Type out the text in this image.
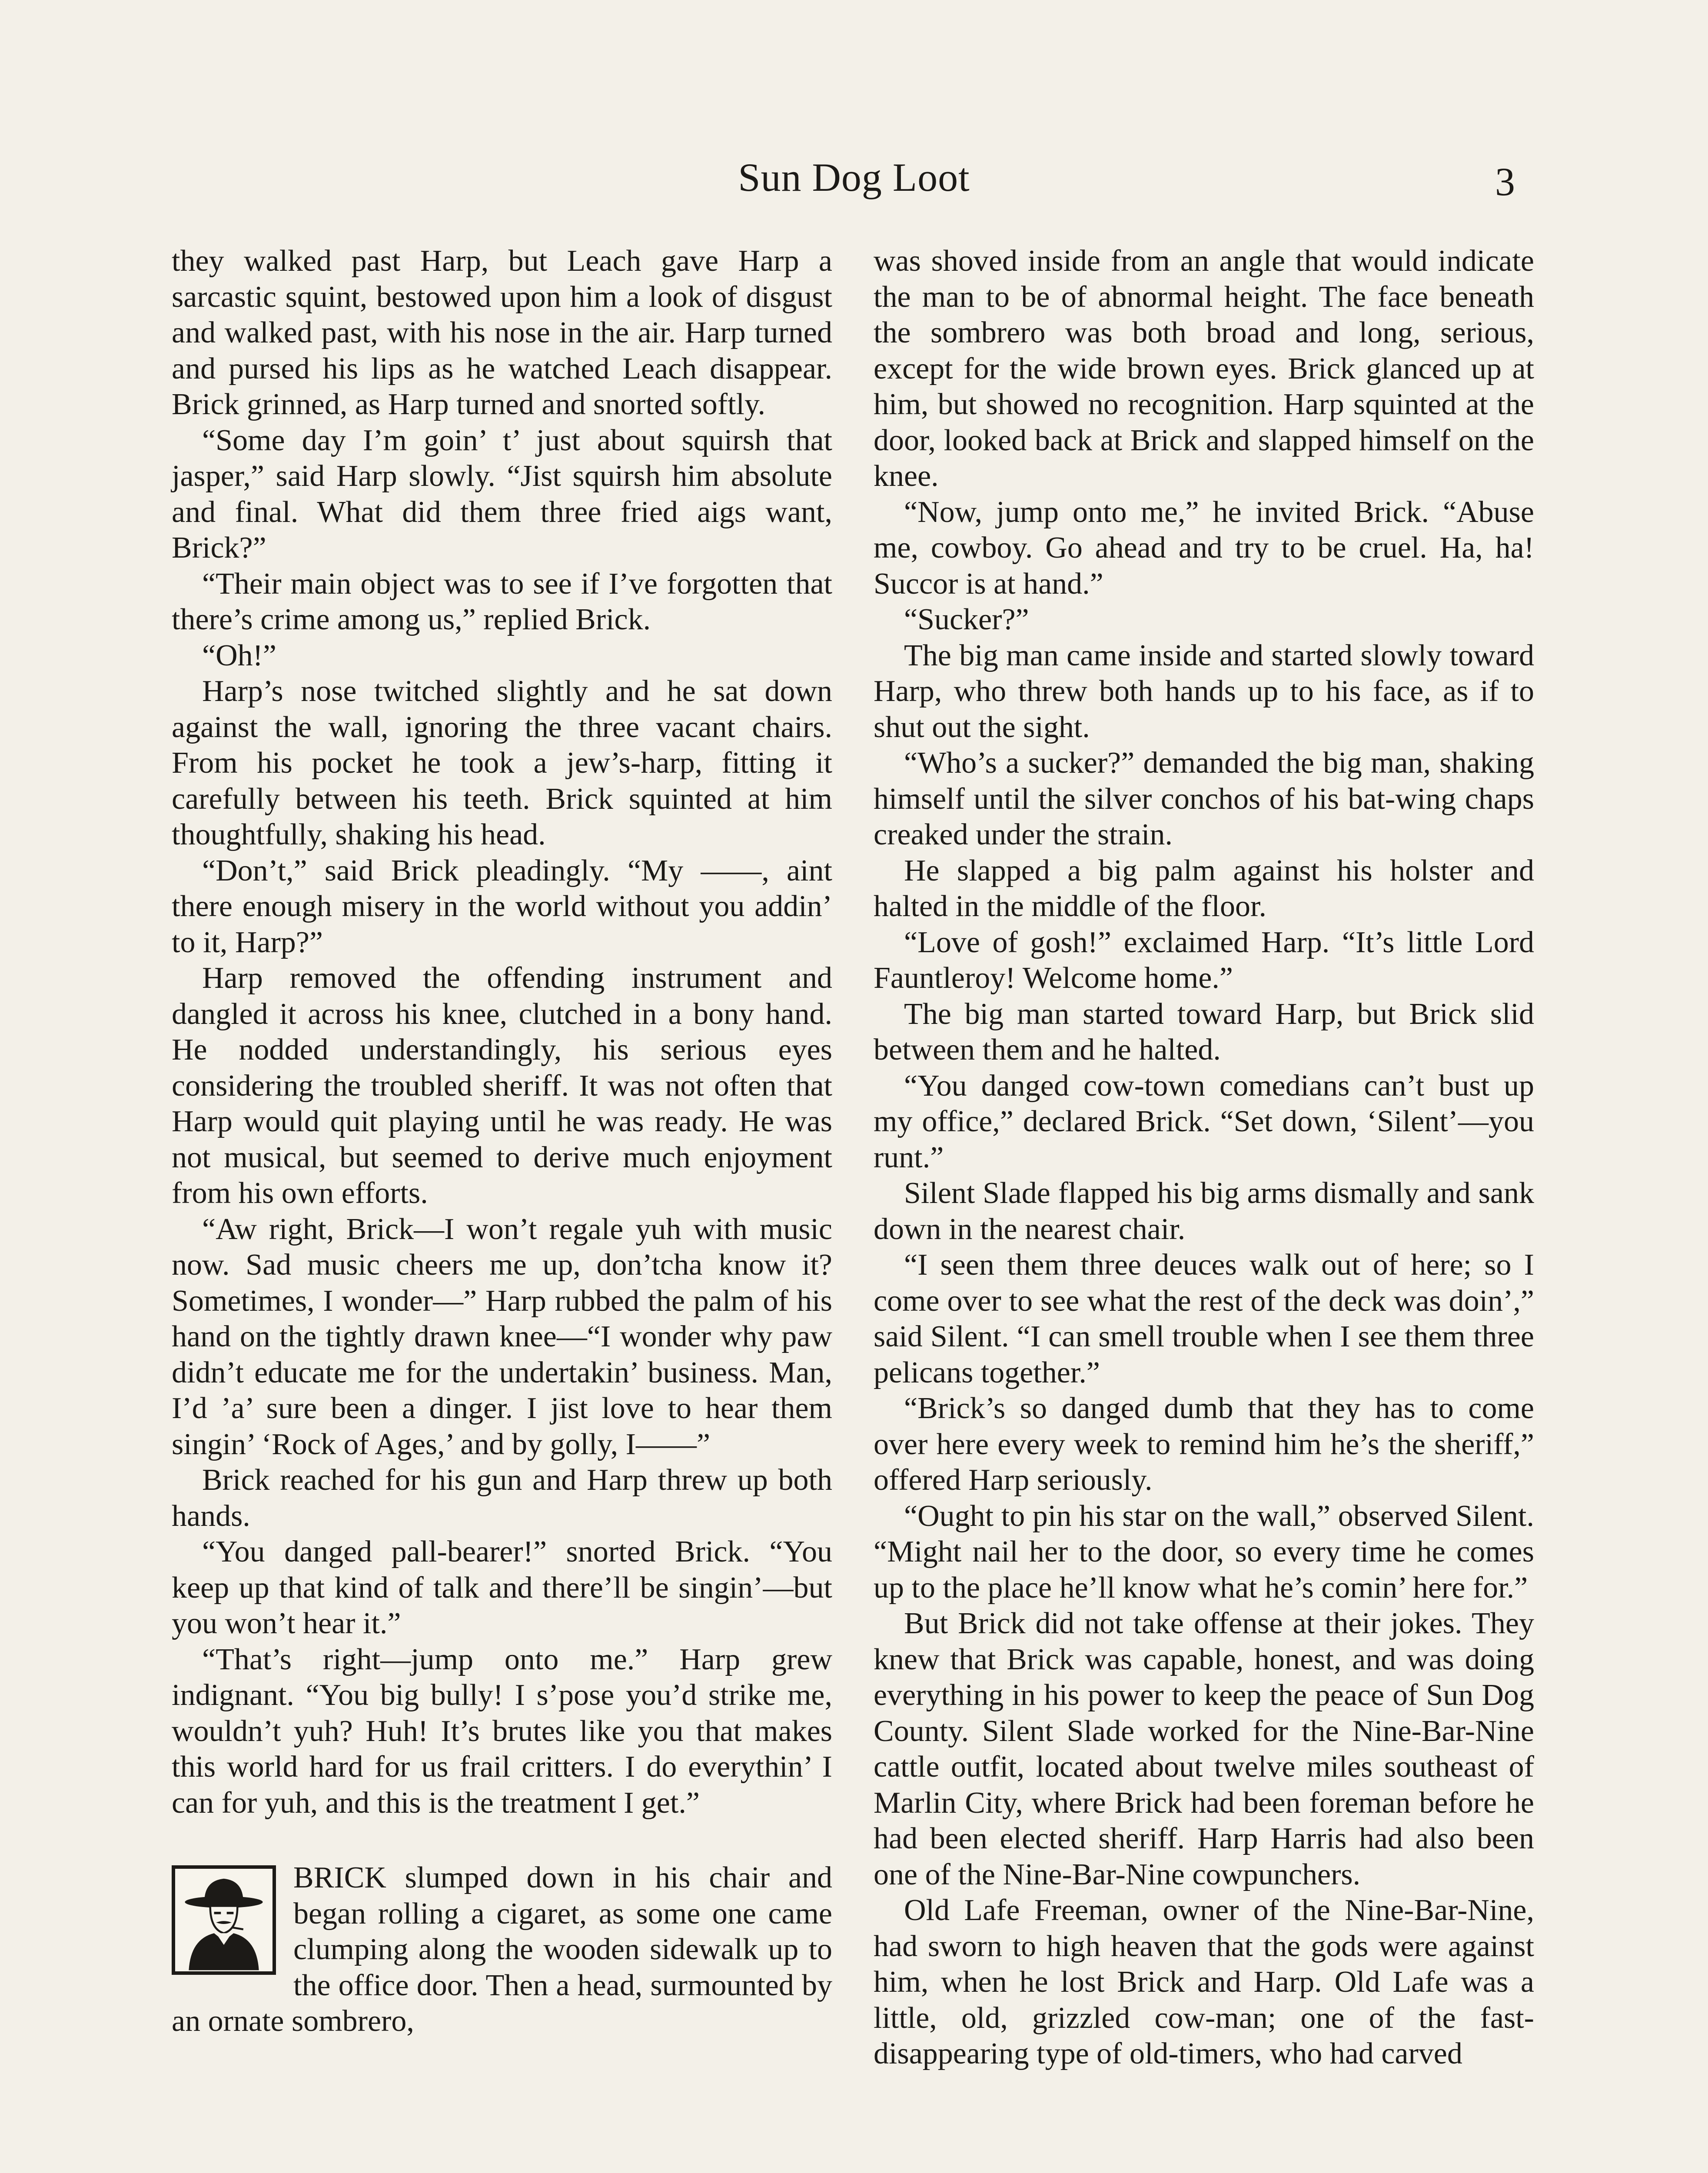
Sun Dog Loot	3

they walked past Harp, but Leach gave Harp a sarcastic squint, bestowed upon him a look of disgust and walked past, with his nose in the air. Harp turned and pursed his lips as he watched Leach disappear. Brick grinned, as Harp turned and snorted softly.

“Some day I’m goin’ t’ just about squirsh that jasper,” said Harp slowly. “Jist squirsh him absolute and final. What did them three fried aigs want, Brick?”

“Their main object was to see if I’ve forgotten that there’s crime among us,” replied Brick.

“Oh!”

Harp’s nose twitched slightly and he sat down against the wall, ignoring the three vacant chairs. From his pocket he took a jew’s-harp, fitting it carefully between his teeth. Brick squinted at him thoughtfully, shaking his head.

“Don’t,” said Brick pleadingly. “My ——, aint there enough misery in the world without you addin’ to it, Harp?”

Harp removed the offending instrument and dangled it across his knee, clutched in a bony hand. He nodded understandingly, his serious eyes considering the troubled sheriff. It was not often that Harp would quit playing until he was ready. He was not musical, but seemed to derive much enjoyment from his own efforts.

“Aw right, Brick—I won’t regale yuh with music now. Sad music cheers me up, don’tcha know it? Sometimes, I wonder—” Harp rubbed the palm of his hand on the tightly drawn knee—“I wonder why paw didn’t educate me for the undertakin’ business. Man, I’d ’a’ sure been a dinger. I jist love to hear them singin’ ‘Rock of Ages,’ and by golly, I——”

Brick reached for his gun and Harp threw up both hands.

“You danged pall-bearer!” snorted Brick. “You keep up that kind of talk and there’ll be singin’—but you won’t hear it.”

“That’s right—jump onto me.” Harp grew indignant. “You big bully! I s’pose you’d strike me, wouldn’t yuh? Huh! It’s brutes like you that makes this world hard for us frail critters. I do everythin’ I can for yuh, and this is the treatment I get.”

BRICK slumped down in his chair and began rolling a cigaret, as some one came clumping along the wooden sidewalk up to the office door. Then a head, surmounted by an ornate sombrero,

was shoved inside from an angle that would indicate the man to be of abnormal height. The face beneath the sombrero was both broad and long, serious, except for the wide brown eyes. Brick glanced up at him, but showed no recognition. Harp squinted at the door, looked back at Brick and slapped himself on the knee.

“Now, jump onto me,” he invited Brick. “Abuse me, cowboy. Go ahead and try to be cruel. Ha, ha! Succor is at hand.”

“Sucker?”

The big man came inside and started slowly toward Harp, who threw both hands up to his face, as if to shut out the sight.

“Who’s a sucker?” demanded the big man, shaking himself until the silver conchos of his bat-wing chaps creaked under the strain.

He slapped a big palm against his holster and halted in the middle of the floor.

“Love of gosh!” exclaimed Harp. “It’s little Lord Fauntleroy! Welcome home.”

The big man started toward Harp, but Brick slid between them and he halted.

“You danged cow-town comedians can’t bust up my office,” declared Brick. “Set down, ‘Silent’—you runt.”

Silent Slade flapped his big arms dismally and sank down in the nearest chair.

“I seen them three deuces walk out of here; so I come over to see what the rest of the deck was doin’,” said Silent. “I can smell trouble when I see them three pelicans together.”

“Brick’s so danged dumb that they has to come over here every week to remind him he’s the sheriff,” offered Harp seriously.

“Ought to pin his star on the wall,” observed Silent. “Might nail her to the door, so every time he comes up to the place he’ll know what he’s comin’ here for.”

But Brick did not take offense at their jokes. They knew that Brick was capable, honest, and was doing everything in his power to keep the peace of Sun Dog County. Silent Slade worked for the Nine-Bar-Nine cattle outfit, located about twelve miles southeast of Marlin City, where Brick had been foreman before he had been elected sheriff. Harp Harris had also been one of the Nine-Bar-Nine cowpunchers.

Old Lafe Freeman, owner of the Nine-Bar-Nine, had sworn to high heaven that the gods were against him, when he lost Brick and Harp. Old Lafe was a little, old, grizzled cow-man; one of the fast-disappearing type of old-timers, who had carved
